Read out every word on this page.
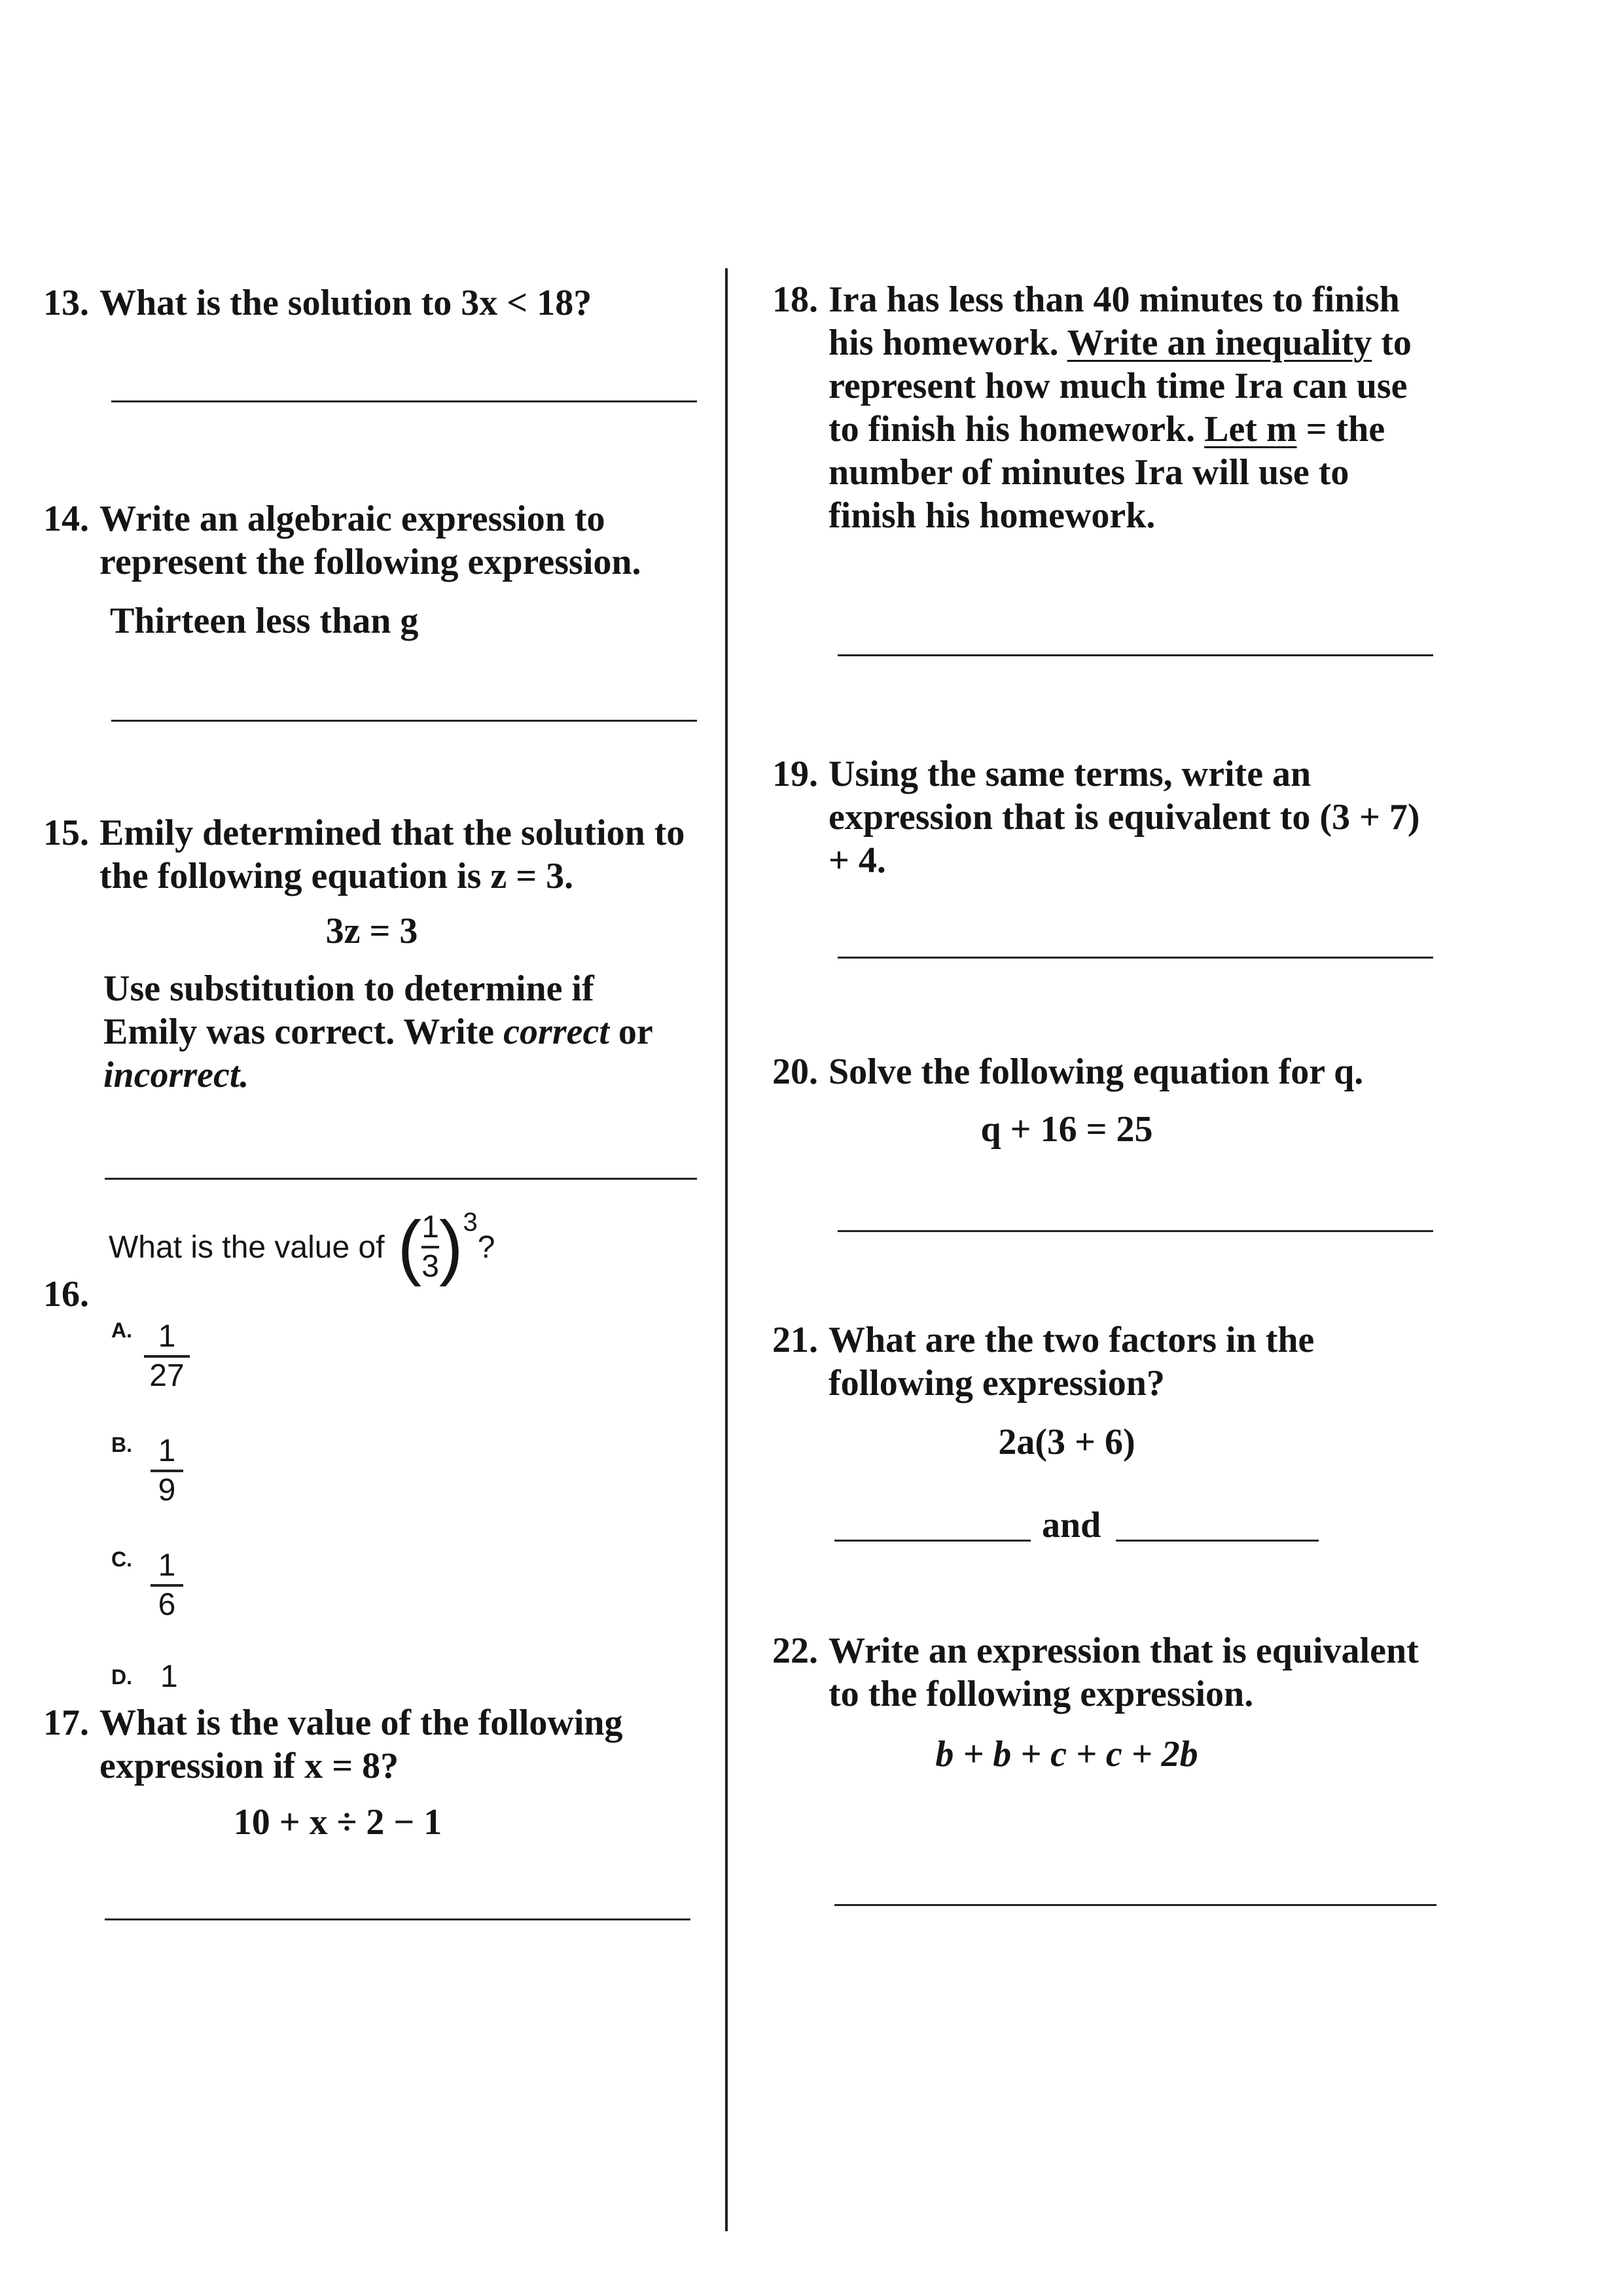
13. What is the solution to 3x < 18?
14. Write an algebraic expression to represent the following expression.
Thirteen less than g
15. Emily determined that the solution to the following equation is z = 3.
3z = 3
Use substitution to determine if Emily was correct. Write correct or incorrect.
What is the value of ( $\frac{1}{3} )^3$
?
16.
A. 1
27
B. 1
9
C. 1
6
D. 1
17. What is the value of the following expression if x = 8?
10 + x ÷ 2 − 1
18. Ira has less than 40 minutes to finish his homework. Write an inequality to represent how much time Ira can use to finish his homework. Let m = the number of minutes Ira will use to finish his homework.
19. Using the same terms, write an expression that is equivalent to (3 + 7) + 4.
20. Solve the following equation for q.
q + 16 = 25
21. What are the two factors in the following expression?
2a(3 + 6)
and
22. Write an expression that is equivalent to the following expression.
b + b + c + c + 2b
